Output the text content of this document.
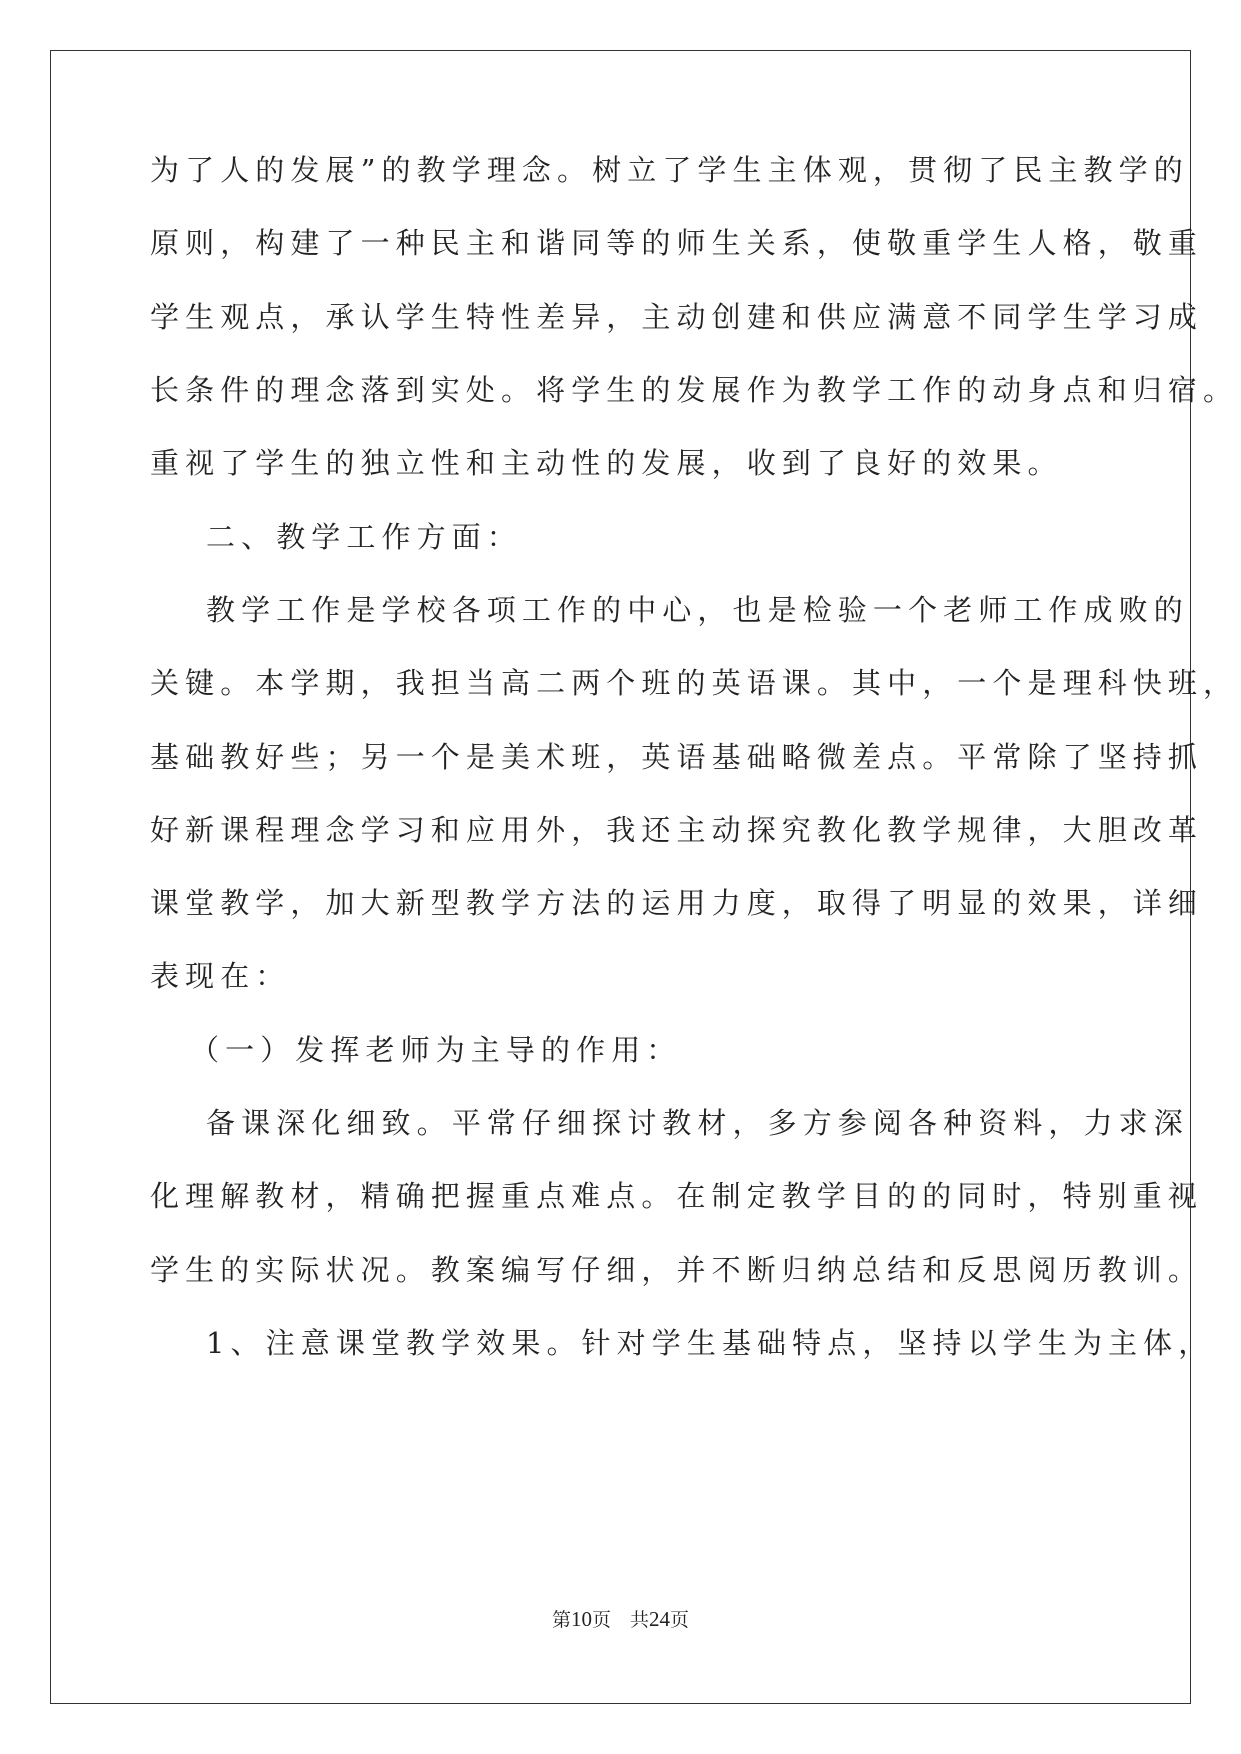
为了人的发展”的教学理念。树立了学生主体观，贯彻了民主教学的
原则，构建了一种民主和谐同等的师生关系，使敬重学生人格，敬重
学生观点，承认学生特性差异，主动创建和供应满意不同学生学习成
长条件的理念落到实处。将学生的发展作为教学工作的动身点和归宿。
重视了学生的独立性和主动性的发展，收到了良好的效果。
二、教学工作方面：
教学工作是学校各项工作的中心，也是检验一个老师工作成败的
关键。本学期，我担当高二两个班的英语课。其中，一个是理科快班，
基础教好些；另一个是美术班，英语基础略微差点。平常除了坚持抓
好新课程理念学习和应用外，我还主动探究教化教学规律，大胆改革
课堂教学，加大新型教学方法的运用力度，取得了明显的效果，详细
表现在：
（一）发挥老师为主导的作用：
备课深化细致。平常仔细探讨教材，多方参阅各种资料，力求深
化理解教材，精确把握重点难点。在制定教学目的的同时，特别重视
学生的实际状况。教案编写仔细，并不断归纳总结和反思阅历教训。
1、注意课堂教学效果。针对学生基础特点，坚持以学生为主体，
第10页　共24页
